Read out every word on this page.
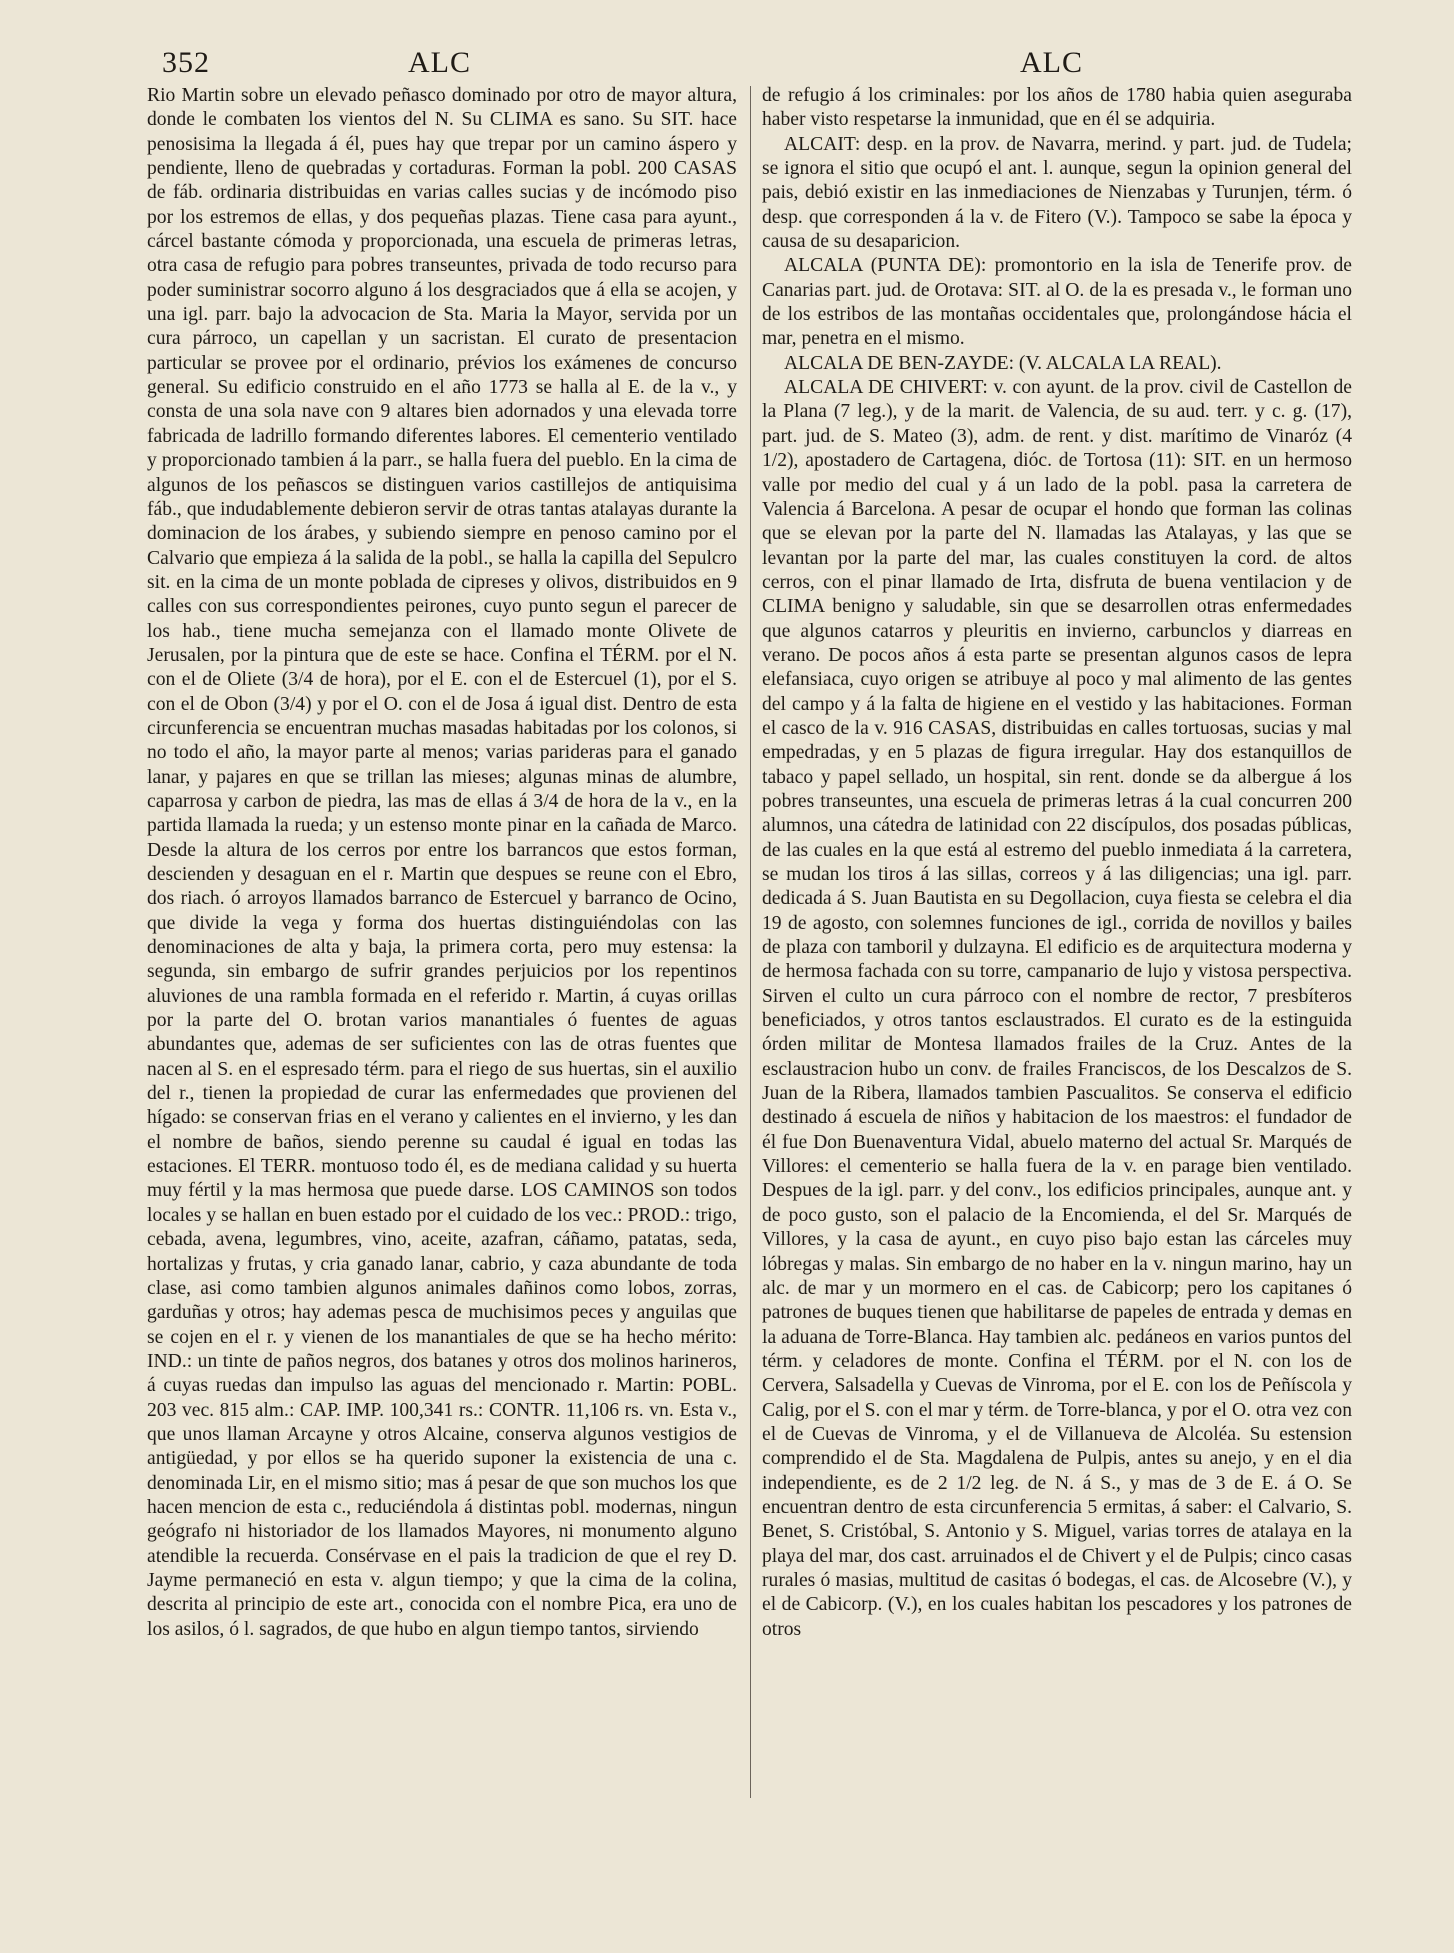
352	ALC	ALC

Rio Martin sobre un elevado peñasco dominado por otro de mayor altura, donde le combaten los vientos del N. Su CLIMA es sano. Su SIT. hace penosisima la llegada á él, pues hay que trepar por un camino áspero y pendiente, lleno de quebradas y cortaduras. Forman la pobl. 200 CASAS de fáb. ordinaria distribuidas en varias calles sucias y de incómodo piso por los estremos de ellas, y dos pequeñas plazas. Tiene casa para ayunt., cárcel bastante cómoda y proporcionada, una escuela de primeras letras, otra casa de refugio para pobres transeuntes, privada de todo recurso para poder suministrar socorro alguno á los desgraciados que á ella se acojen, y una igl. parr. bajo la advocacion de Sta. Maria la Mayor, servida por un cura párroco, un capellan y un sacristan. El curato de presentacion particular se provee por el ordinario, prévios los exámenes de concurso general. Su edificio construido en el año 1773 se halla al E. de la v., y consta de una sola nave con 9 altares bien adornados y una elevada torre fabricada de ladrillo formando diferentes labores. El cementerio ventilado y proporcionado tambien á la parr., se halla fuera del pueblo. En la cima de algunos de los peñascos se distinguen varios castillejos de antiquisima fáb., que indudablemente debieron servir de otras tantas atalayas durante la dominacion de los árabes, y subiendo siempre en penoso camino por el Calvario que empieza á la salida de la pobl., se halla la capilla del Sepulcro sit. en la cima de un monte poblada de cipreses y olivos, distribuidos en 9 calles con sus correspondientes peirones, cuyo punto segun el parecer de los hab., tiene mucha semejanza con el llamado monte Olivete de Jerusalen, por la pintura que de este se hace. Confina el TÉRM. por el N. con el de Oliete (3/4 de hora), por el E. con el de Estercuel (1), por el S. con el de Obon (3/4) y por el O. con el de Josa á igual dist. Dentro de esta circunferencia se encuentran muchas masadas habitadas por los colonos, si no todo el año, la mayor parte al menos; varias parideras para el ganado lanar, y pajares en que se trillan las mieses; algunas minas de alumbre, caparrosa y carbon de piedra, las mas de ellas á 3/4 de hora de la v., en la partida llamada la rueda; y un estenso monte pinar en la cañada de Marco. Desde la altura de los cerros por entre los barrancos que estos forman, descienden y desaguan en el r. Martin que despues se reune con el Ebro, dos riach. ó arroyos llamados barranco de Estercuel y barranco de Ocino, que divide la vega y forma dos huertas distinguiéndolas con las denominaciones de alta y baja, la primera corta, pero muy estensa: la segunda, sin embargo de sufrir grandes perjuicios por los repentinos aluviones de una rambla formada en el referido r. Martin, á cuyas orillas por la parte del O. brotan varios manantiales ó fuentes de aguas abundantes que, ademas de ser suficientes con las de otras fuentes que nacen al S. en el espresado térm. para el riego de sus huertas, sin el auxilio del r., tienen la propiedad de curar las enfermedades que provienen del hígado: se conservan frias en el verano y calientes en el invierno, y les dan el nombre de baños, siendo perenne su caudal é igual en todas las estaciones. El TERR. montuoso todo él, es de mediana calidad y su huerta muy fértil y la mas hermosa que puede darse. LOS CAMINOS son todos locales y se hallan en buen estado por el cuidado de los vec.: PROD.: trigo, cebada, avena, legumbres, vino, aceite, azafran, cáñamo, patatas, seda, hortalizas y frutas, y cria ganado lanar, cabrio, y caza abundante de toda clase, asi como tambien algunos animales dañinos como lobos, zorras, garduñas y otros; hay ademas pesca de muchisimos peces y anguilas que se cojen en el r. y vienen de los manantiales de que se ha hecho mérito: IND.: un tinte de paños negros, dos batanes y otros dos molinos harineros, á cuyas ruedas dan impulso las aguas del mencionado r. Martin: POBL. 203 vec. 815 alm.: CAP. IMP. 100,341 rs.: CONTR. 11,106 rs. vn. Esta v., que unos llaman Arcayne y otros Alcaine, conserva algunos vestigios de antigüedad, y por ellos se ha querido suponer la existencia de una c. denominada Lir, en el mismo sitio; mas á pesar de que son muchos los que hacen mencion de esta c., reduciéndola á distintas pobl. modernas, ningun geógrafo ni historiador de los llamados Mayores, ni monumento alguno atendible la recuerda. Consérvase en el pais la tradicion de que el rey D. Jayme permaneció en esta v. algun tiempo; y que la cima de la colina, descrita al principio de este art., conocida con el nombre Pica, era uno de los asilos, ó l. sagrados, de que hubo en algun tiempo tantos, sirviendo

de refugio á los criminales: por los años de 1780 habia quien aseguraba haber visto respetarse la inmunidad, que en él se adquiria.

ALCAIT: desp. en la prov. de Navarra, merind. y part. jud. de Tudela; se ignora el sitio que ocupó el ant. l. aunque, segun la opinion general del pais, debió existir en las inmediaciones de Nienzabas y Turunjen, térm. ó desp. que corresponden á la v. de Fitero (V.). Tampoco se sabe la época y causa de su desaparicion.

ALCALA (PUNTA DE): promontorio en la isla de Tenerife prov. de Canarias part. jud. de Orotava: SIT. al O. de la es presada v., le forman uno de los estribos de las montañas occidentales que, prolongándose hácia el mar, penetra en el mismo.

ALCALA DE BEN-ZAYDE: (V. ALCALA LA REAL).

ALCALA DE CHIVERT: v. con ayunt. de la prov. civil de Castellon de la Plana (7 leg.), y de la marit. de Valencia, de su aud. terr. y c. g. (17), part. jud. de S. Mateo (3), adm. de rent. y dist. marítimo de Vinaróz (4 1/2), apostadero de Cartagena, dióc. de Tortosa (11): SIT. en un hermoso valle por medio del cual y á un lado de la pobl. pasa la carretera de Valencia á Barcelona. A pesar de ocupar el hondo que forman las colinas que se elevan por la parte del N. llamadas las Atalayas, y las que se levantan por la parte del mar, las cuales constituyen la cord. de altos cerros, con el pinar llamado de Irta, disfruta de buena ventilacion y de CLIMA benigno y saludable, sin que se desarrollen otras enfermedades que algunos catarros y pleuritis en invierno, carbunclos y diarreas en verano. De pocos años á esta parte se presentan algunos casos de lepra elefansiaca, cuyo origen se atribuye al poco y mal alimento de las gentes del campo y á la falta de higiene en el vestido y las habitaciones. Forman el casco de la v. 916 CASAS, distribuidas en calles tortuosas, sucias y mal empedradas, y en 5 plazas de figura irregular. Hay dos estanquillos de tabaco y papel sellado, un hospital, sin rent. donde se da albergue á los pobres transeuntes, una escuela de primeras letras á la cual concurren 200 alumnos, una cátedra de latinidad con 22 discípulos, dos posadas públicas, de las cuales en la que está al estremo del pueblo inmediata á la carretera, se mudan los tiros á las sillas, correos y á las diligencias; una igl. parr. dedicada á S. Juan Bautista en su Degollacion, cuya fiesta se celebra el dia 19 de agosto, con solemnes funciones de igl., corrida de novillos y bailes de plaza con tamboril y dulzayna. El edificio es de arquitectura moderna y de hermosa fachada con su torre, campanario de lujo y vistosa perspectiva. Sirven el culto un cura párroco con el nombre de rector, 7 presbíteros beneficiados, y otros tantos esclaustrados. El curato es de la estinguida órden militar de Montesa llamados frailes de la Cruz. Antes de la esclaustracion hubo un conv. de frailes Franciscos, de los Descalzos de S. Juan de la Ribera, llamados tambien Pascualitos. Se conserva el edificio destinado á escuela de niños y habitacion de los maestros: el fundador de él fue Don Buenaventura Vidal, abuelo materno del actual Sr. Marqués de Villores: el cementerio se halla fuera de la v. en parage bien ventilado. Despues de la igl. parr. y del conv., los edificios principales, aunque ant. y de poco gusto, son el palacio de la Encomienda, el del Sr. Marqués de Villores, y la casa de ayunt., en cuyo piso bajo estan las cárceles muy lóbregas y malas. Sin embargo de no haber en la v. ningun marino, hay un alc. de mar y un mormero en el cas. de Cabicorp; pero los capitanes ó patrones de buques tienen que habilitarse de papeles de entrada y demas en la aduana de Torre-Blanca. Hay tambien alc. pedáneos en varios puntos del térm. y celadores de monte. Confina el TÉRM. por el N. con los de Cervera, Salsadella y Cuevas de Vinroma, por el E. con los de Peñíscola y Calig, por el S. con el mar y térm. de Torre-blanca, y por el O. otra vez con el de Cuevas de Vinroma, y el de Villanueva de Alcoléa. Su estension comprendido el de Sta. Magdalena de Pulpis, antes su anejo, y en el dia independiente, es de 2 1/2 leg. de N. á S., y mas de 3 de E. á O. Se encuentran dentro de esta circunferencia 5 ermitas, á saber: el Calvario, S. Benet, S. Cristóbal, S. Antonio y S. Miguel, varias torres de atalaya en la playa del mar, dos cast. arruinados el de Chivert y el de Pulpis; cinco casas rurales ó masias, multitud de casitas ó bodegas, el cas. de Alcosebre (V.), y el de Cabicorp. (V.), en los cuales habitan los pescadores y los patrones de otros
